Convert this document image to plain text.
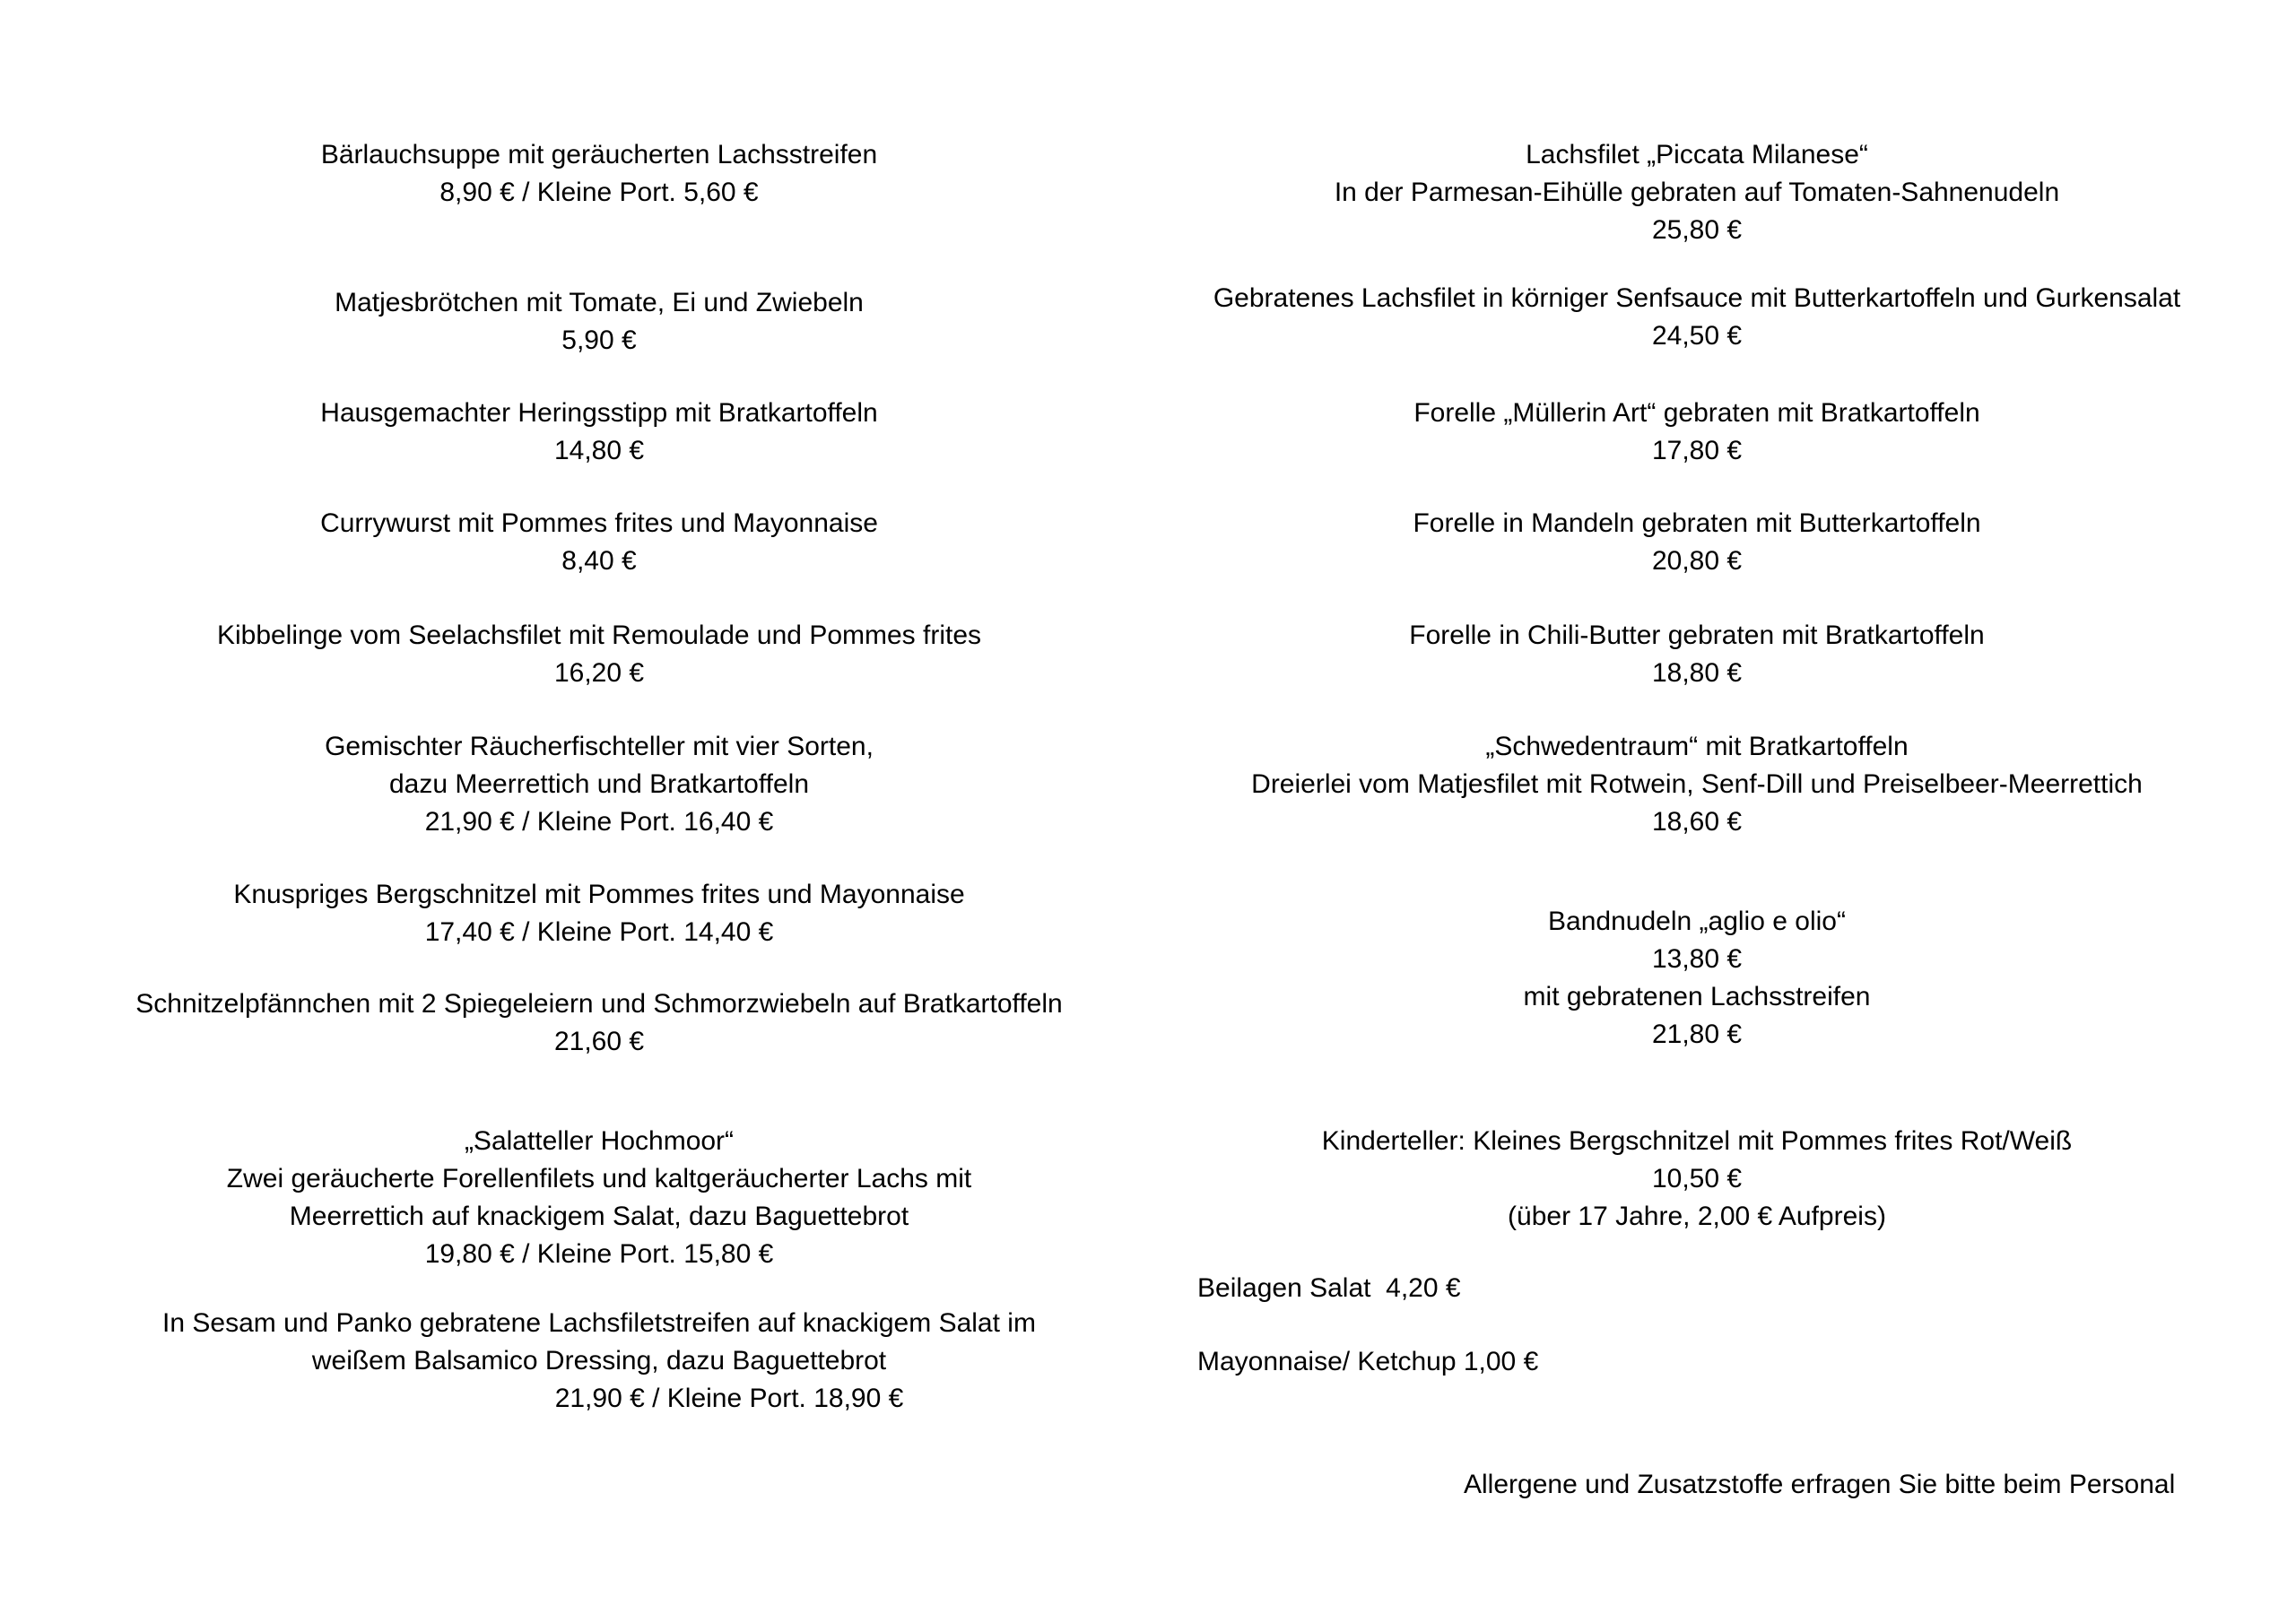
Bärlauchsuppe mit geräucherten Lachsstreifen
8,90 € / Kleine Port. 5,60 €
Matjesbrötchen mit Tomate, Ei und Zwiebeln
5,90 €
Hausgemachter Heringsstipp mit Bratkartoffeln
14,80 €
Currywurst mit Pommes frites und Mayonnaise
8,40 €
Kibbelinge vom Seelachsfilet mit Remoulade und Pommes frites
16,20 €
Gemischter Räucherfischteller mit vier Sorten,
dazu Meerrettich und Bratkartoffeln
21,90 € / Kleine Port. 16,40 €
Knuspriges Bergschnitzel mit Pommes frites und Mayonnaise
17,40 € / Kleine Port. 14,40 €
Schnitzelpfännchen mit 2 Spiegeleiern und Schmorzwiebeln auf Bratkartoffeln
21,60 €
„Salatteller Hochmoor“
Zwei geräucherte Forellenfilets und kaltgeräucherter Lachs mit
Meerrettich auf knackigem Salat, dazu Baguettebrot
19,80 € / Kleine Port. 15,80 €
In Sesam und Panko gebratene Lachsfiletstreifen auf knackigem Salat im
weißem Balsamico Dressing, dazu Baguettebrot
21,90 € / Kleine Port. 18,90 €
Lachsfilet „Piccata Milanese“
In der Parmesan-Eihülle gebraten auf Tomaten-Sahnenudeln
25,80 €
Gebratenes Lachsfilet in körniger Senfsauce mit Butterkartoffeln und Gurkensalat
24,50 €
Forelle „Müllerin Art“ gebraten mit Bratkartoffeln
17,80 €
Forelle in Mandeln gebraten mit Butterkartoffeln
20,80 €
Forelle in Chili-Butter gebraten mit Bratkartoffeln
18,80 €
„Schwedentraum“ mit Bratkartoffeln
Dreierlei vom Matjesfilet mit Rotwein, Senf-Dill und Preiselbeer-Meerrettich
18,60 €
Bandnudeln „aglio e olio“
13,80 €
mit gebratenen Lachsstreifen
21,80 €
Kinderteller: Kleines Bergschnitzel mit Pommes frites Rot/Weiß
10,50 €
(über 17 Jahre, 2,00 € Aufpreis)
Beilagen Salat  4,20 €
Mayonnaise/ Ketchup 1,00 €
Allergene und Zusatzstoffe erfragen Sie bitte beim Personal
